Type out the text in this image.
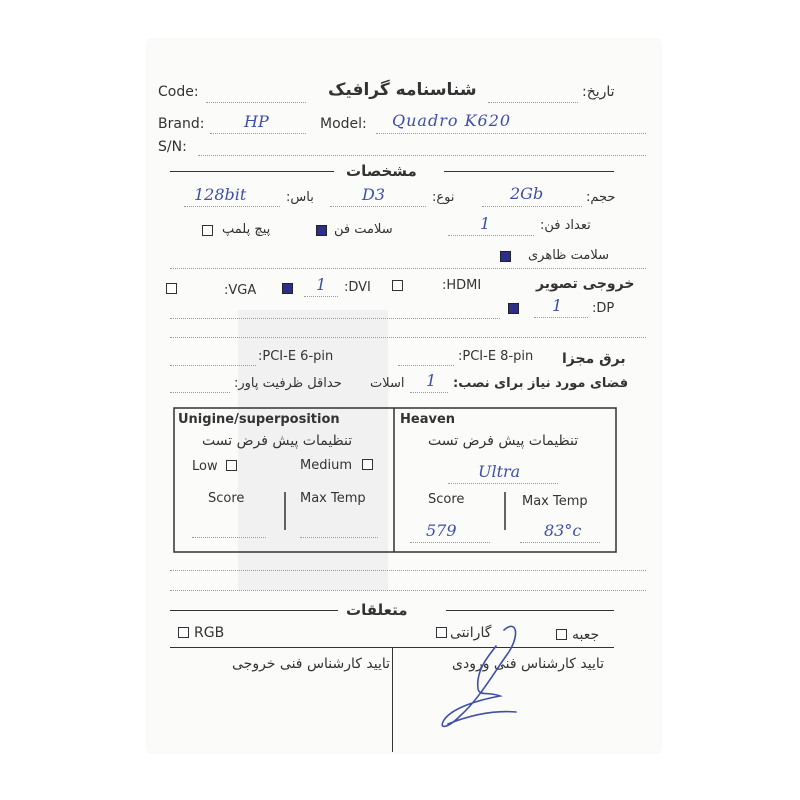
Code:	شناسنامه گرافیک	تاریخ:
Brand: HP	Model: Quadro K620
S/N:
مشخصات
حجم:
2Gb
نوع:
D3
باس:
128bit
تعداد فن:
1
سلامت فن
پیچ پلمپ
سلامت ظاهری
خروجی تصویر
:HDMI
:DVI
1
:VGA
:DP
1
برق مجزا
:PCI-E 8-pin
:PCI-E 6-pin
فضای مورد نیاز برای نصب:
1
اسلات
حداقل ظرفیت پاور:
Unigine/superposition
تنظیمات پیش فرض تست
Low	Medium
Score	Max Temp
Heaven
تنظیمات پیش فرض تست
Ultra
Score	Max Temp
579	83°c
متعلقات
جعبه
گارانتی
RGB
تایید کارشناس فنی ورودی
تایید کارشناس فنی خروجی
